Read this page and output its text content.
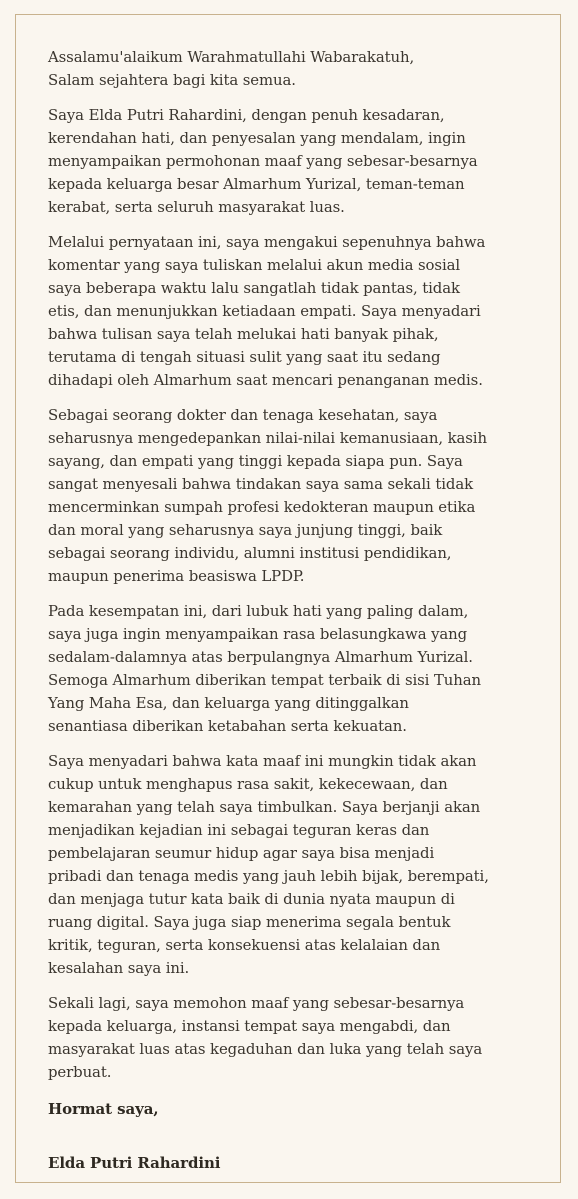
Assalamu'alaikum Warahmatullahi Wabarakatuh,
Salam sejahtera bagi kita semua.

Saya Elda Putri Rahardini, dengan penuh kesadaran,
kerendahan hati, dan penyesalan yang mendalam, ingin
menyampaikan permohonan maaf yang sebesar-besarnya
kepada keluarga besar Almarhum Yurizal, teman-teman
kerabat, serta seluruh masyarakat luas.

Melalui pernyataan ini, saya mengakui sepenuhnya bahwa
komentar yang saya tuliskan melalui akun media sosial
saya beberapa waktu lalu sangatlah tidak pantas, tidak
etis, dan menunjukkan ketiadaan empati. Saya menyadari
bahwa tulisan saya telah melukai hati banyak pihak,
terutama di tengah situasi sulit yang saat itu sedang
dihadapi oleh Almarhum saat mencari penanganan medis.

Sebagai seorang dokter dan tenaga kesehatan, saya
seharusnya mengedepankan nilai-nilai kemanusiaan, kasih
sayang, dan empati yang tinggi kepada siapa pun. Saya
sangat menyesali bahwa tindakan saya sama sekali tidak
mencerminkan sumpah profesi kedokteran maupun etika
dan moral yang seharusnya saya junjung tinggi, baik
sebagai seorang individu, alumni institusi pendidikan,
maupun penerima beasiswa LPDP.

Pada kesempatan ini, dari lubuk hati yang paling dalam,
saya juga ingin menyampaikan rasa belasungkawa yang
sedalam-dalamnya atas berpulangnya Almarhum Yurizal.
Semoga Almarhum diberikan tempat terbaik di sisi Tuhan
Yang Maha Esa, dan keluarga yang ditinggalkan
senantiasa diberikan ketabahan serta kekuatan.

Saya menyadari bahwa kata maaf ini mungkin tidak akan
cukup untuk menghapus rasa sakit, kekecewaan, dan
kemarahan yang telah saya timbulkan. Saya berjanji akan
menjadikan kejadian ini sebagai teguran keras dan
pembelajaran seumur hidup agar saya bisa menjadi
pribadi dan tenaga medis yang jauh lebih bijak, berempati,
dan menjaga tutur kata baik di dunia nyata maupun di
ruang digital. Saya juga siap menerima segala bentuk
kritik, teguran, serta konsekuensi atas kelalaian dan
kesalahan saya ini.

Sekali lagi, saya memohon maaf yang sebesar-besarnya
kepada keluarga, instansi tempat saya mengabdi, dan
masyarakat luas atas kegaduhan dan luka yang telah saya
perbuat.

Hormat saya,

Elda Putri Rahardini
